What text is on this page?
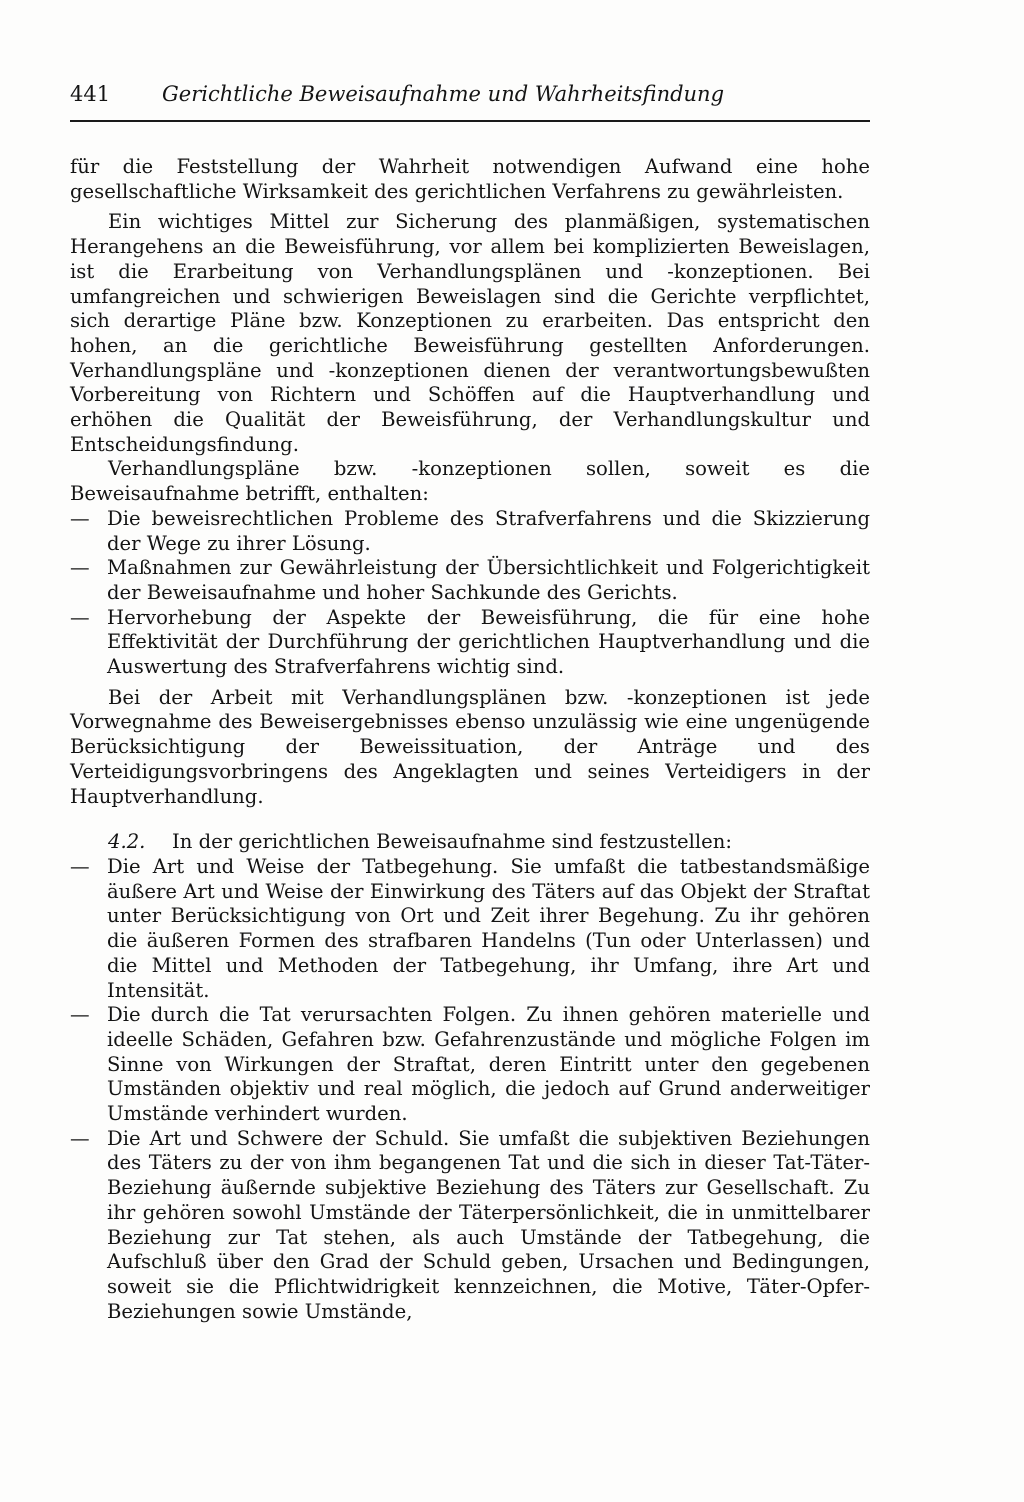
441 Gerichtliche Beweisaufnahme und Wahrheitsfindung

für die Feststellung der Wahrheit notwendigen Aufwand eine hohe gesellschaftliche Wirksamkeit des gerichtlichen Verfahrens zu gewährleisten.

Ein wichtiges Mittel zur Sicherung des planmäßigen, systematischen Herangehens an die Beweisführung, vor allem bei komplizierten Beweislagen, ist die Erarbeitung von Verhandlungsplänen und -konzeptionen. Bei umfangreichen und schwierigen Beweislagen sind die Gerichte verpflichtet, sich derartige Pläne bzw. Konzeptionen zu erarbeiten. Das entspricht den hohen, an die gerichtliche Beweisführung gestellten Anforderungen. Verhandlungspläne und -konzeptionen dienen der verantwortungsbewußten Vorbereitung von Richtern und Schöffen auf die Hauptverhandlung und erhöhen die Qualität der Beweisführung, der Verhandlungskultur und Entscheidungsfindung.

Verhandlungspläne bzw. -konzeptionen sollen, soweit es die Beweisaufnahme betrifft, enthalten:

— Die beweisrechtlichen Probleme des Strafverfahrens und die Skizzierung der Wege zu ihrer Lösung.
— Maßnahmen zur Gewährleistung der Übersichtlichkeit und Folgerichtigkeit der Beweisaufnahme und hoher Sachkunde des Gerichts.
— Hervorhebung der Aspekte der Beweisführung, die für eine hohe Effektivität der Durchführung der gerichtlichen Hauptverhandlung und die Auswertung des Strafverfahrens wichtig sind.

Bei der Arbeit mit Verhandlungsplänen bzw. -konzeptionen ist jede Vorwegnahme des Beweisergebnisses ebenso unzulässig wie eine ungenügende Berücksichtigung der Beweissituation, der Anträge und des Verteidigungsvorbringens des Angeklagten und seines Verteidigers in der Hauptverhandlung.

4.2. In der gerichtlichen Beweisaufnahme sind festzustellen:

— Die Art und Weise der Tatbegehung. Sie umfaßt die tatbestandsmäßige äußere Art und Weise der Einwirkung des Täters auf das Objekt der Straftat unter Berücksichtigung von Ort und Zeit ihrer Begehung. Zu ihr gehören die äußeren Formen des strafbaren Handelns (Tun oder Unterlassen) und die Mittel und Methoden der Tatbegehung, ihr Umfang, ihre Art und Intensität.
— Die durch die Tat verursachten Folgen. Zu ihnen gehören materielle und ideelle Schäden, Gefahren bzw. Gefahrenzustände und mögliche Folgen im Sinne von Wirkungen der Straftat, deren Eintritt unter den gegebenen Umständen objektiv und real möglich, die jedoch auf Grund anderweitiger Umstände verhindert wurden.
— Die Art und Schwere der Schuld. Sie umfaßt die subjektiven Beziehungen des Täters zu der von ihm begangenen Tat und die sich in dieser Tat-Täter-Beziehung äußernde subjektive Beziehung des Täters zur Gesellschaft. Zu ihr gehören sowohl Umstände der Täterpersönlichkeit, die in unmittelbarer Beziehung zur Tat stehen, als auch Umstände der Tatbegehung, die Aufschluß über den Grad der Schuld geben, Ursachen und Bedingungen, soweit sie die Pflichtwidrigkeit kennzeichnen, die Motive, Täter-Opfer-Beziehungen sowie Umstände,
